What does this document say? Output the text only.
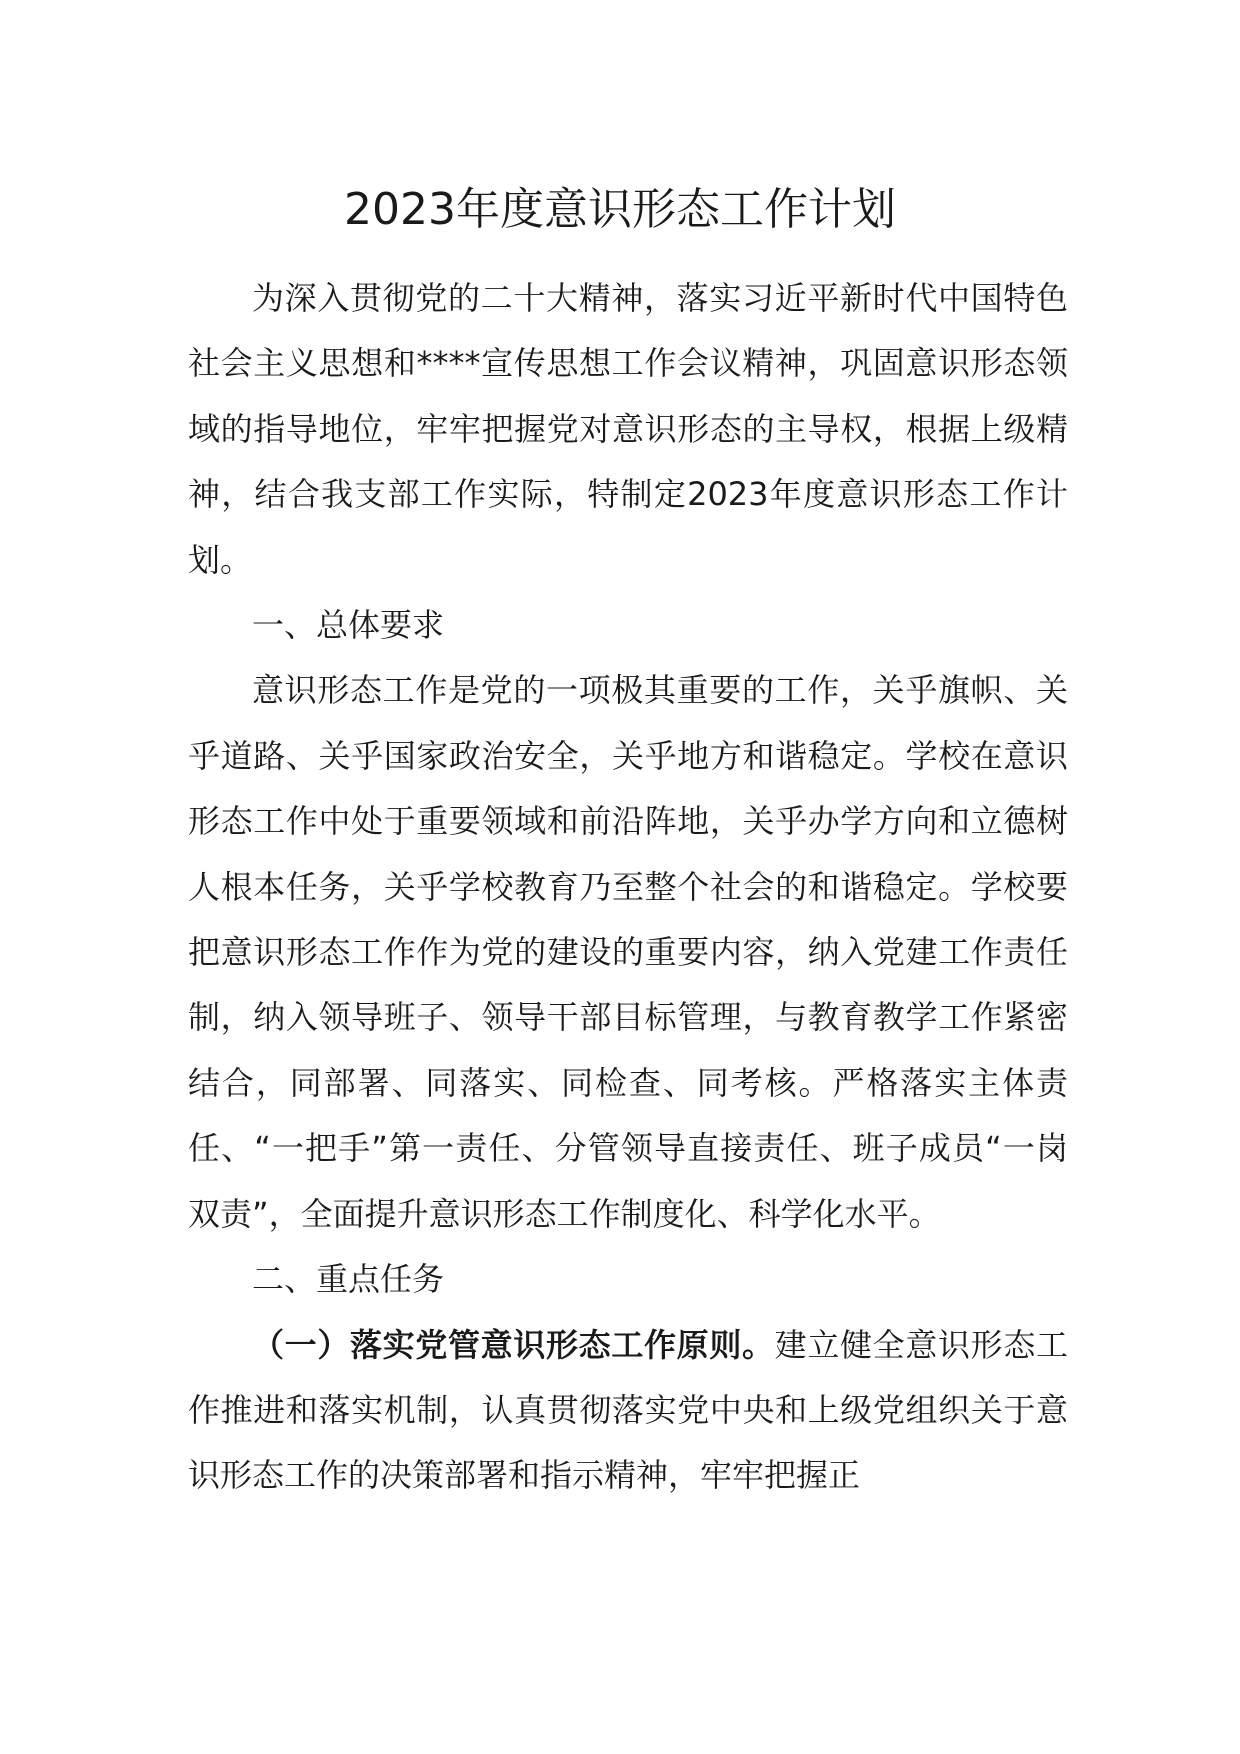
2023年度意识形态工作计划

为深入贯彻党的二十大精神，落实习近平新时代中国特色社会主义思想和****宣传思想工作会议精神，巩固意识形态领域的指导地位，牢牢把握党对意识形态的主导权，根据上级精神，结合我支部工作实际，特制定2023年度意识形态工作计划。

一、总体要求

意识形态工作是党的一项极其重要的工作，关乎旗帜、关乎道路、关乎国家政治安全，关乎地方和谐稳定。学校在意识形态工作中处于重要领域和前沿阵地，关乎办学方向和立德树人根本任务，关乎学校教育乃至整个社会的和谐稳定。学校要把意识形态工作作为党的建设的重要内容，纳入党建工作责任制，纳入领导班子、领导干部目标管理，与教育教学工作紧密结合，同部署、同落实、同检查、同考核。严格落实主体责任、“一把手”第一责任、分管领导直接责任、班子成员“一岗双责”，全面提升意识形态工作制度化、科学化水平。

二、重点任务

（一）落实党管意识形态工作原则。建立健全意识形态工作推进和落实机制，认真贯彻落实党中央和上级党组织关于意识形态工作的决策部署和指示精神，牢牢把握正
